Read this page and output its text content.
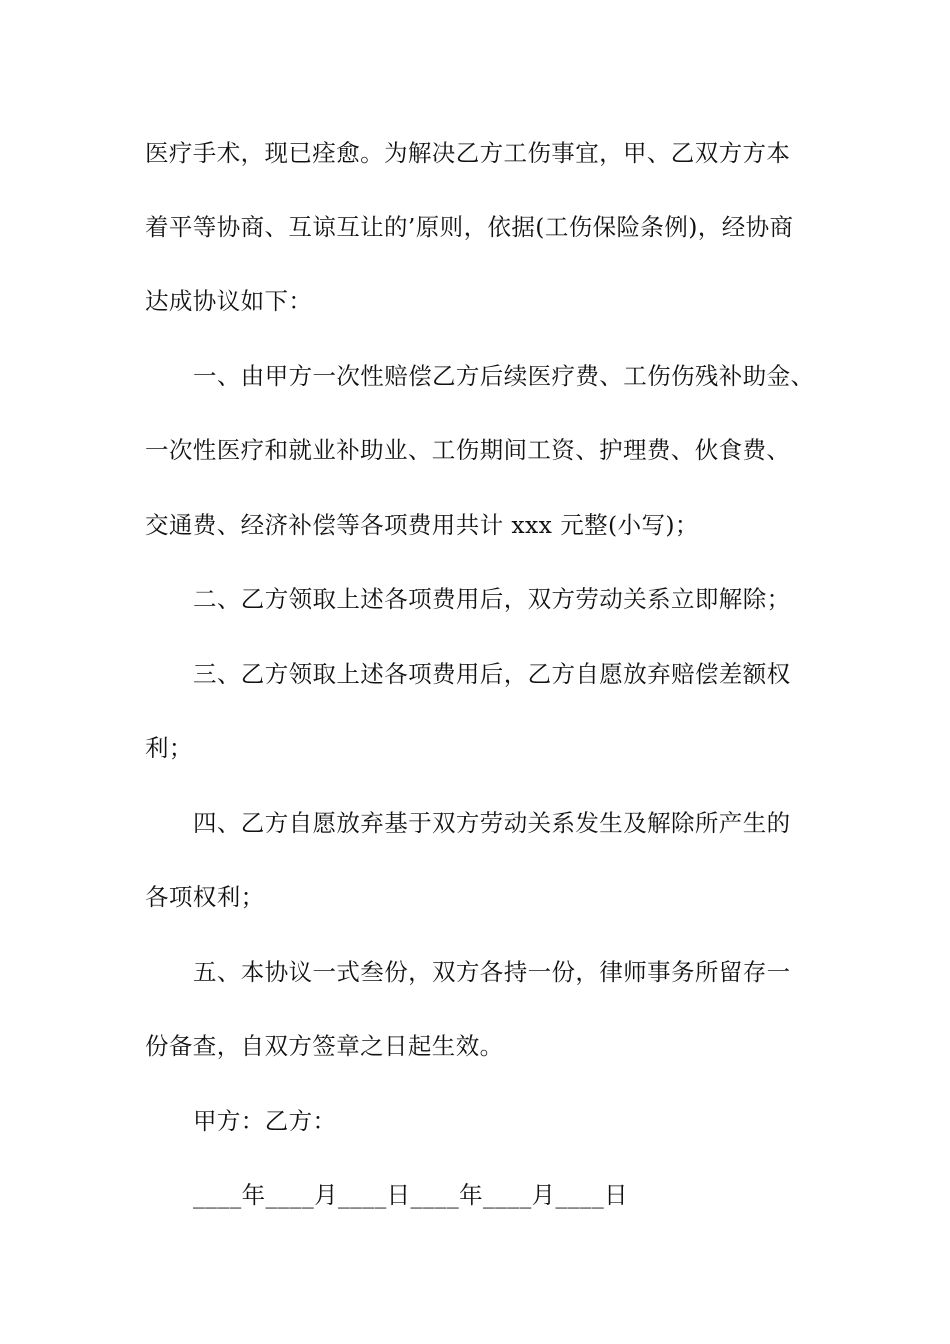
医疗手术，现已痊愈。为解决乙方工伤事宜，甲、乙双方方本
着平等协商、互谅互让的’原则，依据(工伤保险条例)，经协商
达成协议如下：
一、由甲方一次性赔偿乙方后续医疗费、工伤伤残补助金、
一次性医疗和就业补助业、工伤期间工资、护理费、伙食费、
交通费、经济补偿等各项费用共计 xxx 元整(小写)；
二、乙方领取上述各项费用后，双方劳动关系立即解除；
三、乙方领取上述各项费用后，乙方自愿放弃赔偿差额权
利；
四、乙方自愿放弃基于双方劳动关系发生及解除所产生的
各项权利；
五、本协议一式叁份，双方各持一份，律师事务所留存一
份备查，自双方签章之日起生效。
甲方：乙方：
____年____月____日____年____月____日
